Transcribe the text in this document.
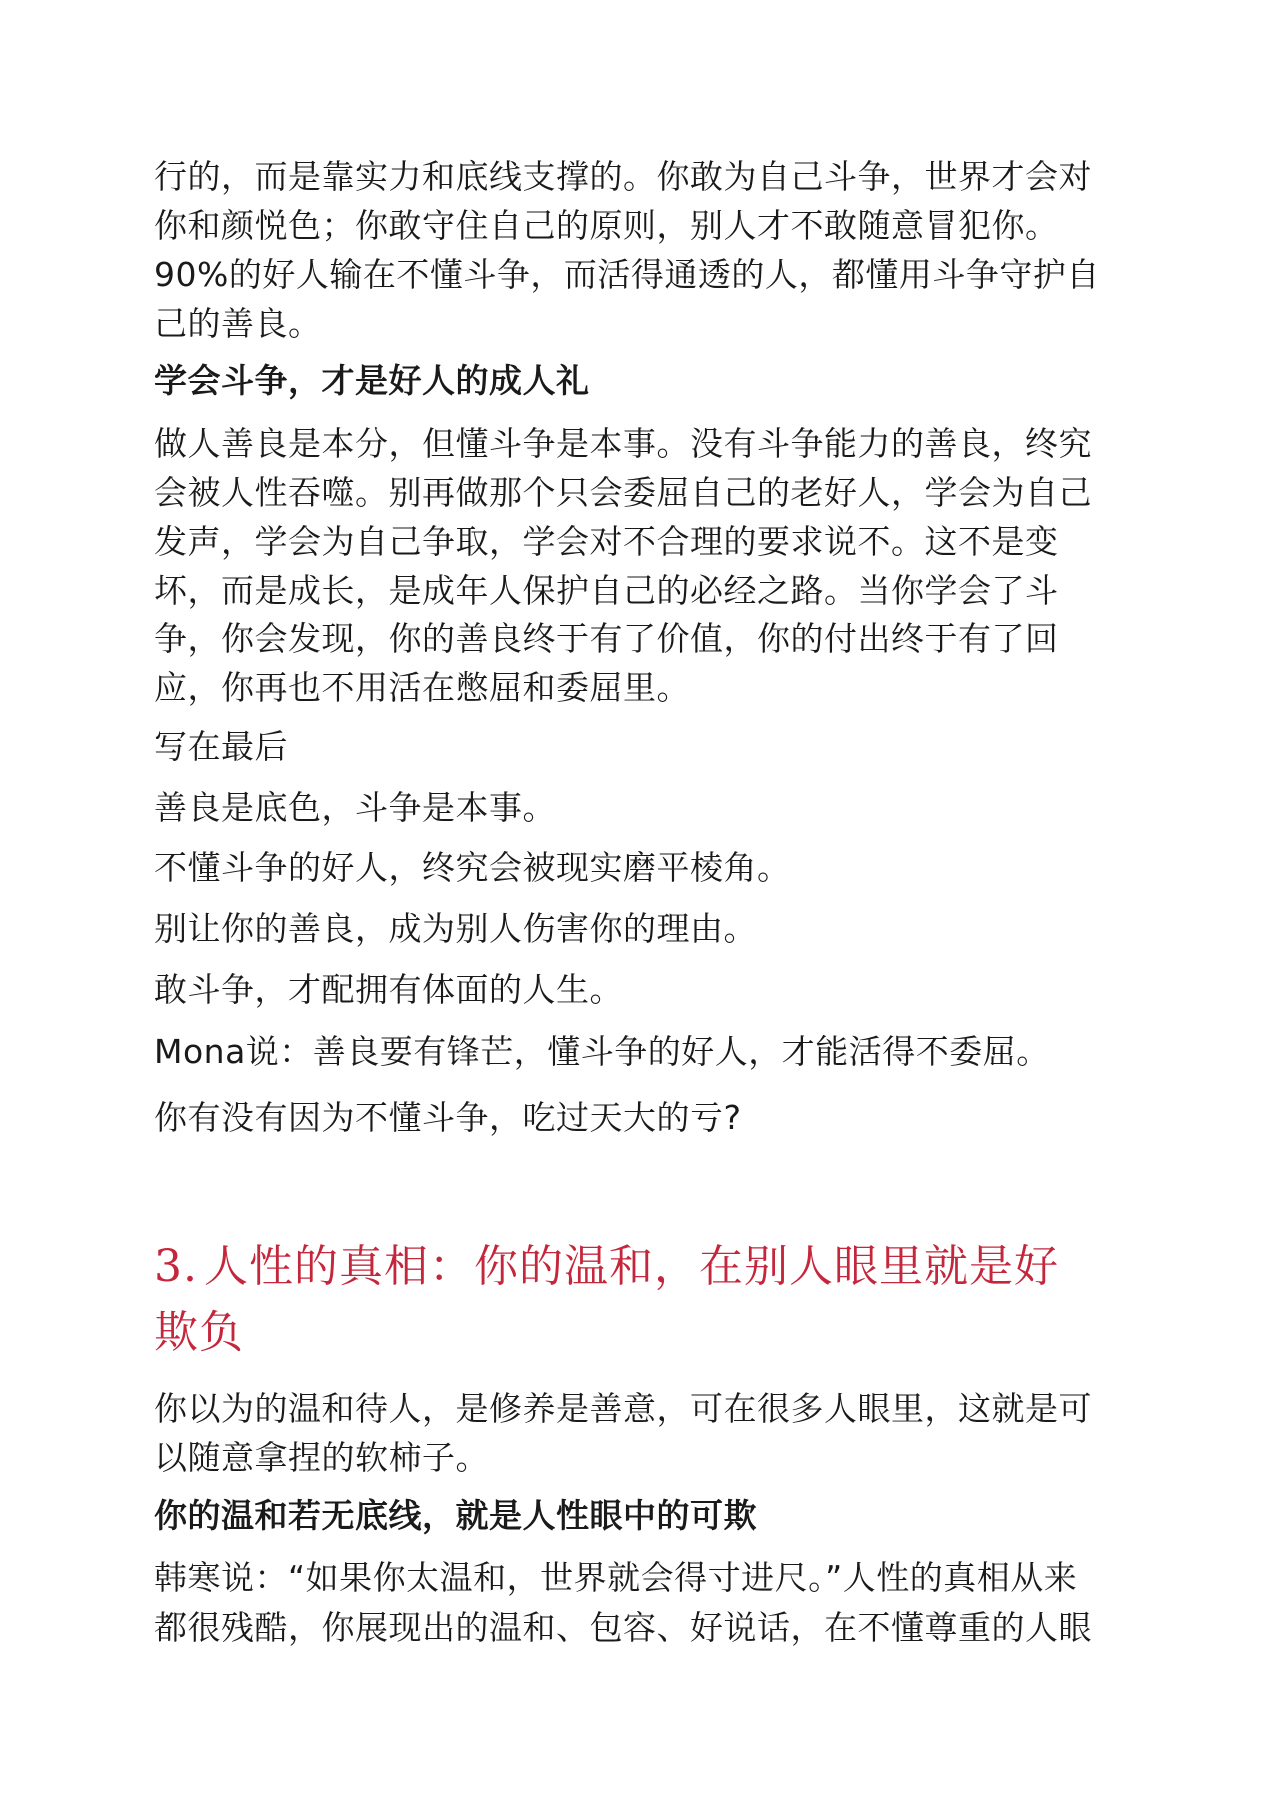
行的，而是靠实力和底线支撑的。你敢为自己斗争，世界才会对
你和颜悦色；你敢守住自己的原则，别人才不敢随意冒犯你。
90%的好人输在不懂斗争，而活得通透的人，都懂用斗争守护自
己的善良。
学会斗争，才是好人的成人礼
做人善良是本分，但懂斗争是本事。没有斗争能力的善良，终究
会被人性吞噬。别再做那个只会委屈自己的老好人，学会为自己
发声，学会为自己争取，学会对不合理的要求说不。这不是变
坏，而是成长，是成年人保护自己的必经之路。当你学会了斗
争，你会发现，你的善良终于有了价值，你的付出终于有了回
应，你再也不用活在憋屈和委屈里。
写在最后
善良是底色，斗争是本事。
不懂斗争的好人，终究会被现实磨平棱角。
别让你的善良，成为别人伤害你的理由。
敢斗争，才配拥有体面的人生。
Mona说：善良要有锋芒，懂斗争的好人，才能活得不委屈。
你有没有因为不懂斗争，吃过天大的亏?
3. 人性的真相：你的温和，在别人眼里就是好
欺负
你以为的温和待人，是修养是善意，可在很多人眼里，这就是可
以随意拿捏的软柿子。
你的温和若无底线，就是人性眼中的可欺
韩寒说：“如果你太温和，世界就会得寸进尺。”人性的真相从来
都很残酷，你展现出的温和、包容、好说话，在不懂尊重的人眼
